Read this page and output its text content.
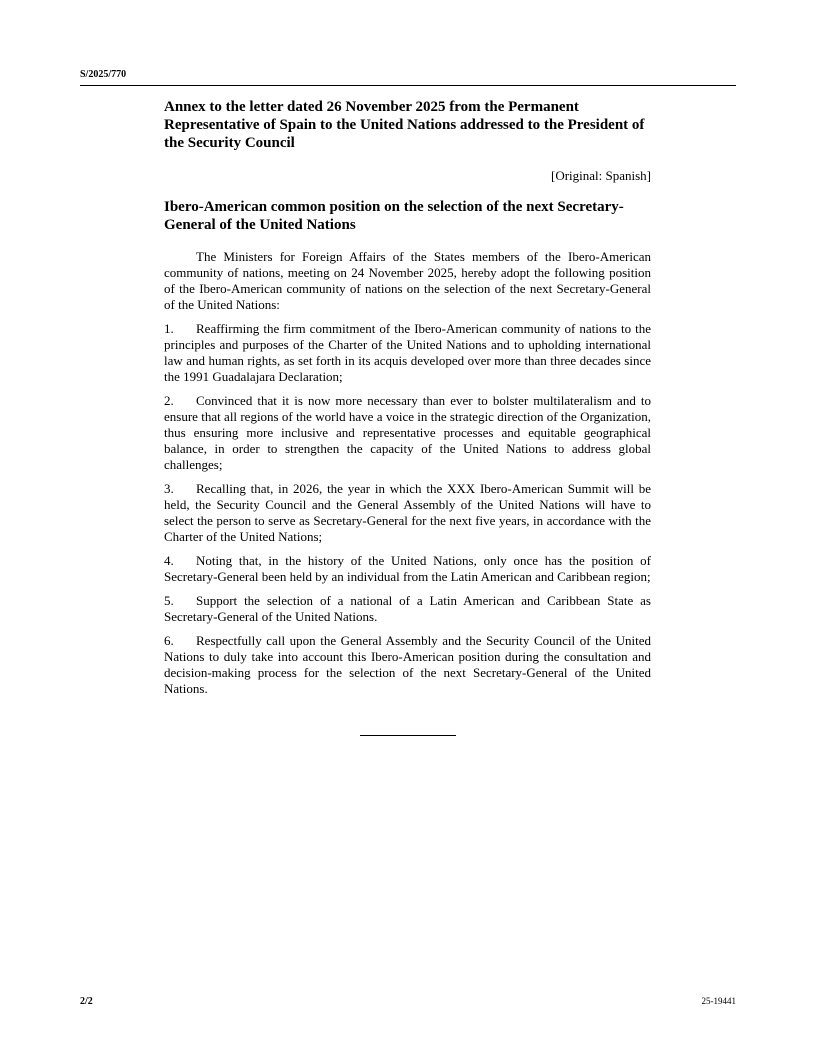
S/2025/770
Annex to the letter dated 26 November 2025 from the Permanent Representative of Spain to the United Nations addressed to the President of the Security Council
[Original: Spanish]
Ibero-American common position on the selection of the next Secretary-General of the United Nations

The Ministers for Foreign Affairs of the States members of the Ibero-American community of nations, meeting on 24 November 2025, hereby adopt the following position of the Ibero-American community of nations on the selection of the next Secretary-General of the United Nations:

1. Reaffirming the firm commitment of the Ibero-American community of nations to the principles and purposes of the Charter of the United Nations and to upholding international law and human rights, as set forth in its acquis developed over more than three decades since the 1991 Guadalajara Declaration;
2. Convinced that it is now more necessary than ever to bolster multilateralism and to ensure that all regions of the world have a voice in the strategic direction of the Organization, thus ensuring more inclusive and representative processes and equitable geographical balance, in order to strengthen the capacity of the United Nations to address global challenges;
3. Recalling that, in 2026, the year in which the XXX Ibero-American Summit will be held, the Security Council and the General Assembly of the United Nations will have to select the person to serve as Secretary-General for the next five years, in accordance with the Charter of the United Nations;
4. Noting that, in the history of the United Nations, only once has the position of Secretary-General been held by an individual from the Latin American and Caribbean region;
5. Support the selection of a national of a Latin American and Caribbean State as Secretary-General of the United Nations.
6. Respectfully call upon the General Assembly and the Security Council of the United Nations to duly take into account this Ibero-American position during the consultation and decision-making process for the selection of the next Secretary-General of the United Nations.
2/2	25-19441
